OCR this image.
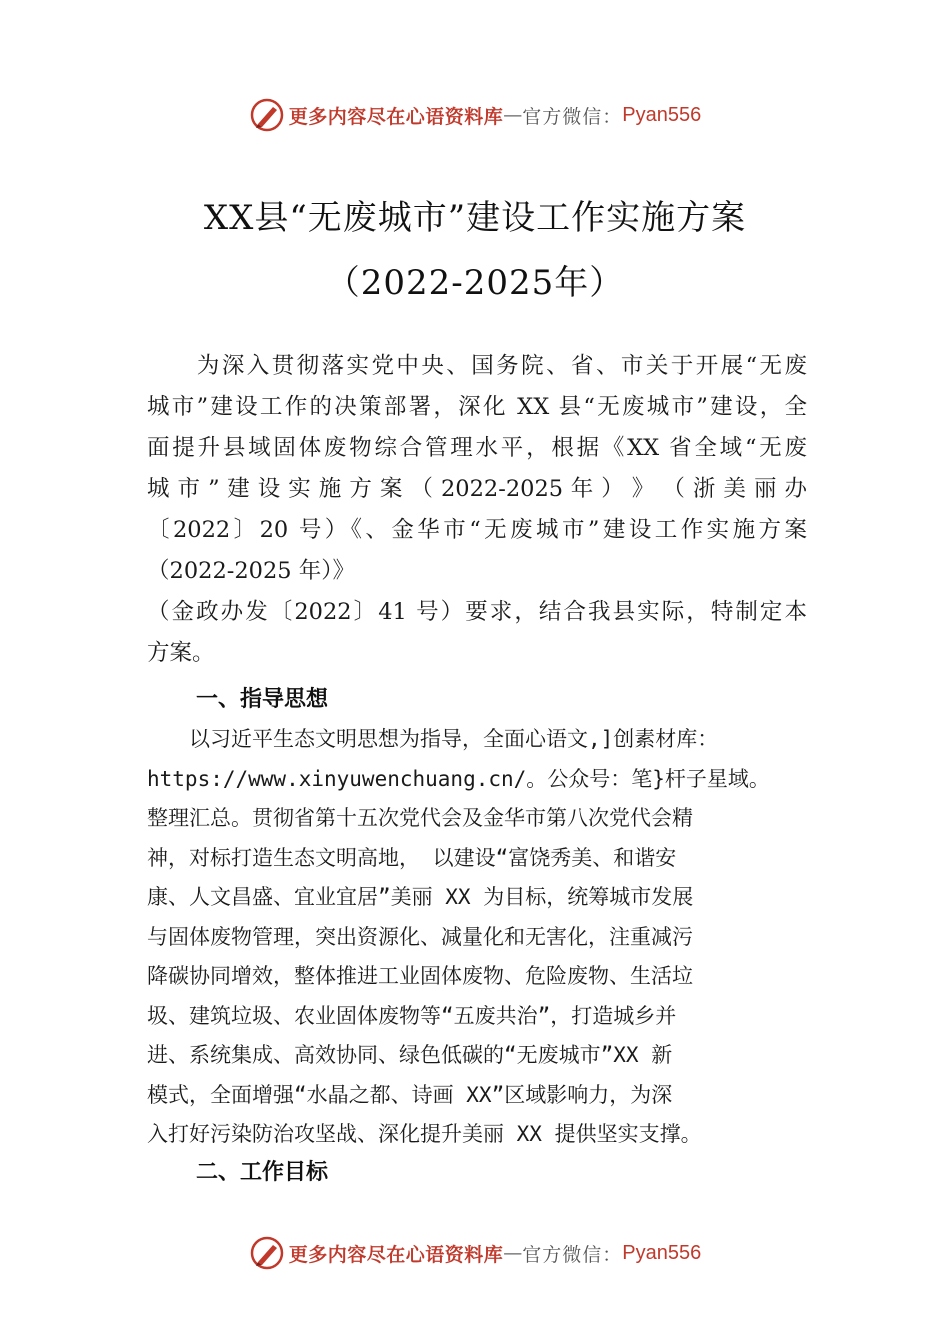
更多内容尽在心语资料库 — 官方微信： Pyan556
XX县“无废城市”建设工作实施方案
（2022-2025年）
　　为深入贯彻落实党中央、国务院、省、市关于开展“无废
城市”建设工作的决策部署，深化 XX 县“无废城市”建设，全
面提升县域固体废物综合管理水平，根据《XX 省全域“无废
城 市 ” 建 设 实 施 方 案 （ 2022-2025 年 ） 》 （ 浙 美 丽 办
〔2022〕20 号）《、金华市“无废城市”建设工作实施方案
（2022-2025 年）》
（金政办发〔2022〕41 号）要求，结合我县实际，特制定本
方案。
一、指导思想
　　以习近平生态文明思想为指导，全面心语文,]创素材库：
https://www.xinyuwenchuang.cn/。公众号：笔}杆子星域。
整理汇总。贯彻省第十五次党代会及金华市第八次党代会精
神，对标打造生态文明高地， 以建设“富饶秀美、和谐安
康、人文昌盛、宜业宜居”美丽 XX 为目标，统筹城市发展
与固体废物管理，突出资源化、减量化和无害化，注重减污
降碳协同增效，整体推进工业固体废物、危险废物、生活垃
圾、建筑垃圾、农业固体废物等“五废共治”，打造城乡并
进、系统集成、高效协同、绿色低碳的“无废城市”XX 新
模式，全面增强“水晶之都、诗画 XX”区域影响力，为深
入打好污染防治攻坚战、深化提升美丽 XX 提供坚实支撑。
二、工作目标
更多内容尽在心语资料库 — 官方微信： Pyan556
